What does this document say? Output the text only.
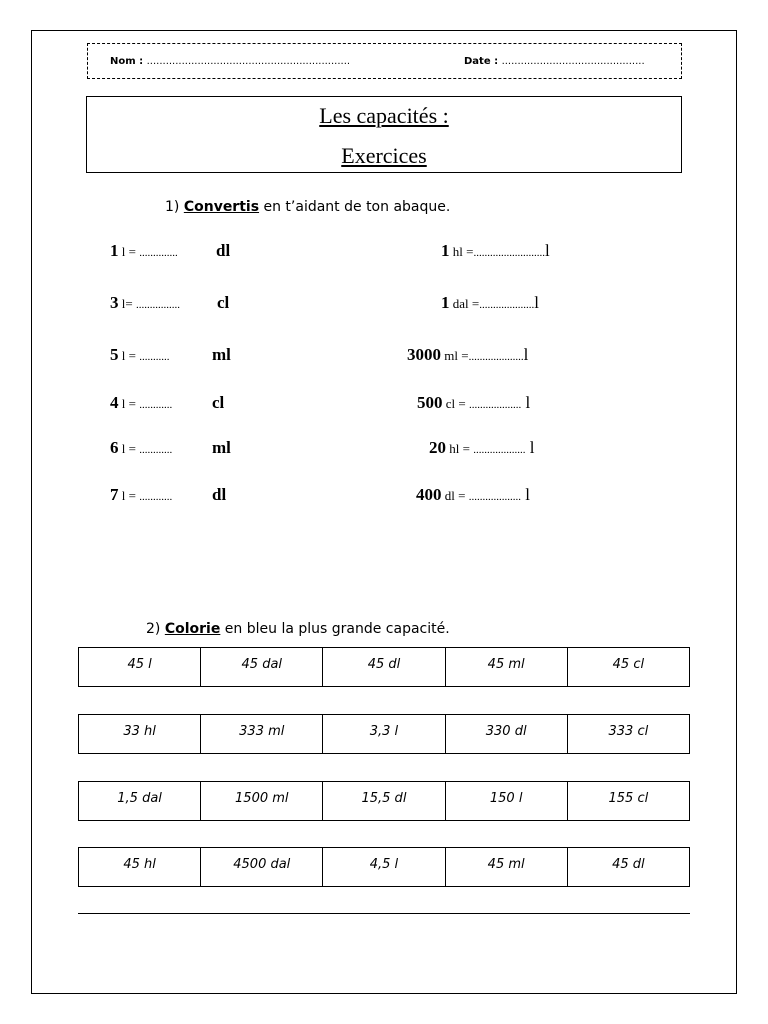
Nom : ................................................................	Date : .............................................
Les capacités :
Exercices
1) Convertis en t’aidant de ton abaque.
1 l = .............. dl
3 l= ................ cl
5 l = ...........	ml
4 l = ............ cl
6 l = ............ ml
7 l = ............ dl
1 hl =..........................l
1 dal =....................l
3000 ml =....................l
500 cl = ................... l
20 hl = ................... l
400 dl = ................... l
2) Colorie en bleu la plus grande capacité.
45 l	45 dal	45 dl	45 ml	45 cl
33 hl	333 ml	3,3 l	330 dl	333 cl
1,5 dal	1500 ml	15,5 dl	150 l	155 cl
45 hl	4500 dal	4,5 l	45 ml	45 dl
